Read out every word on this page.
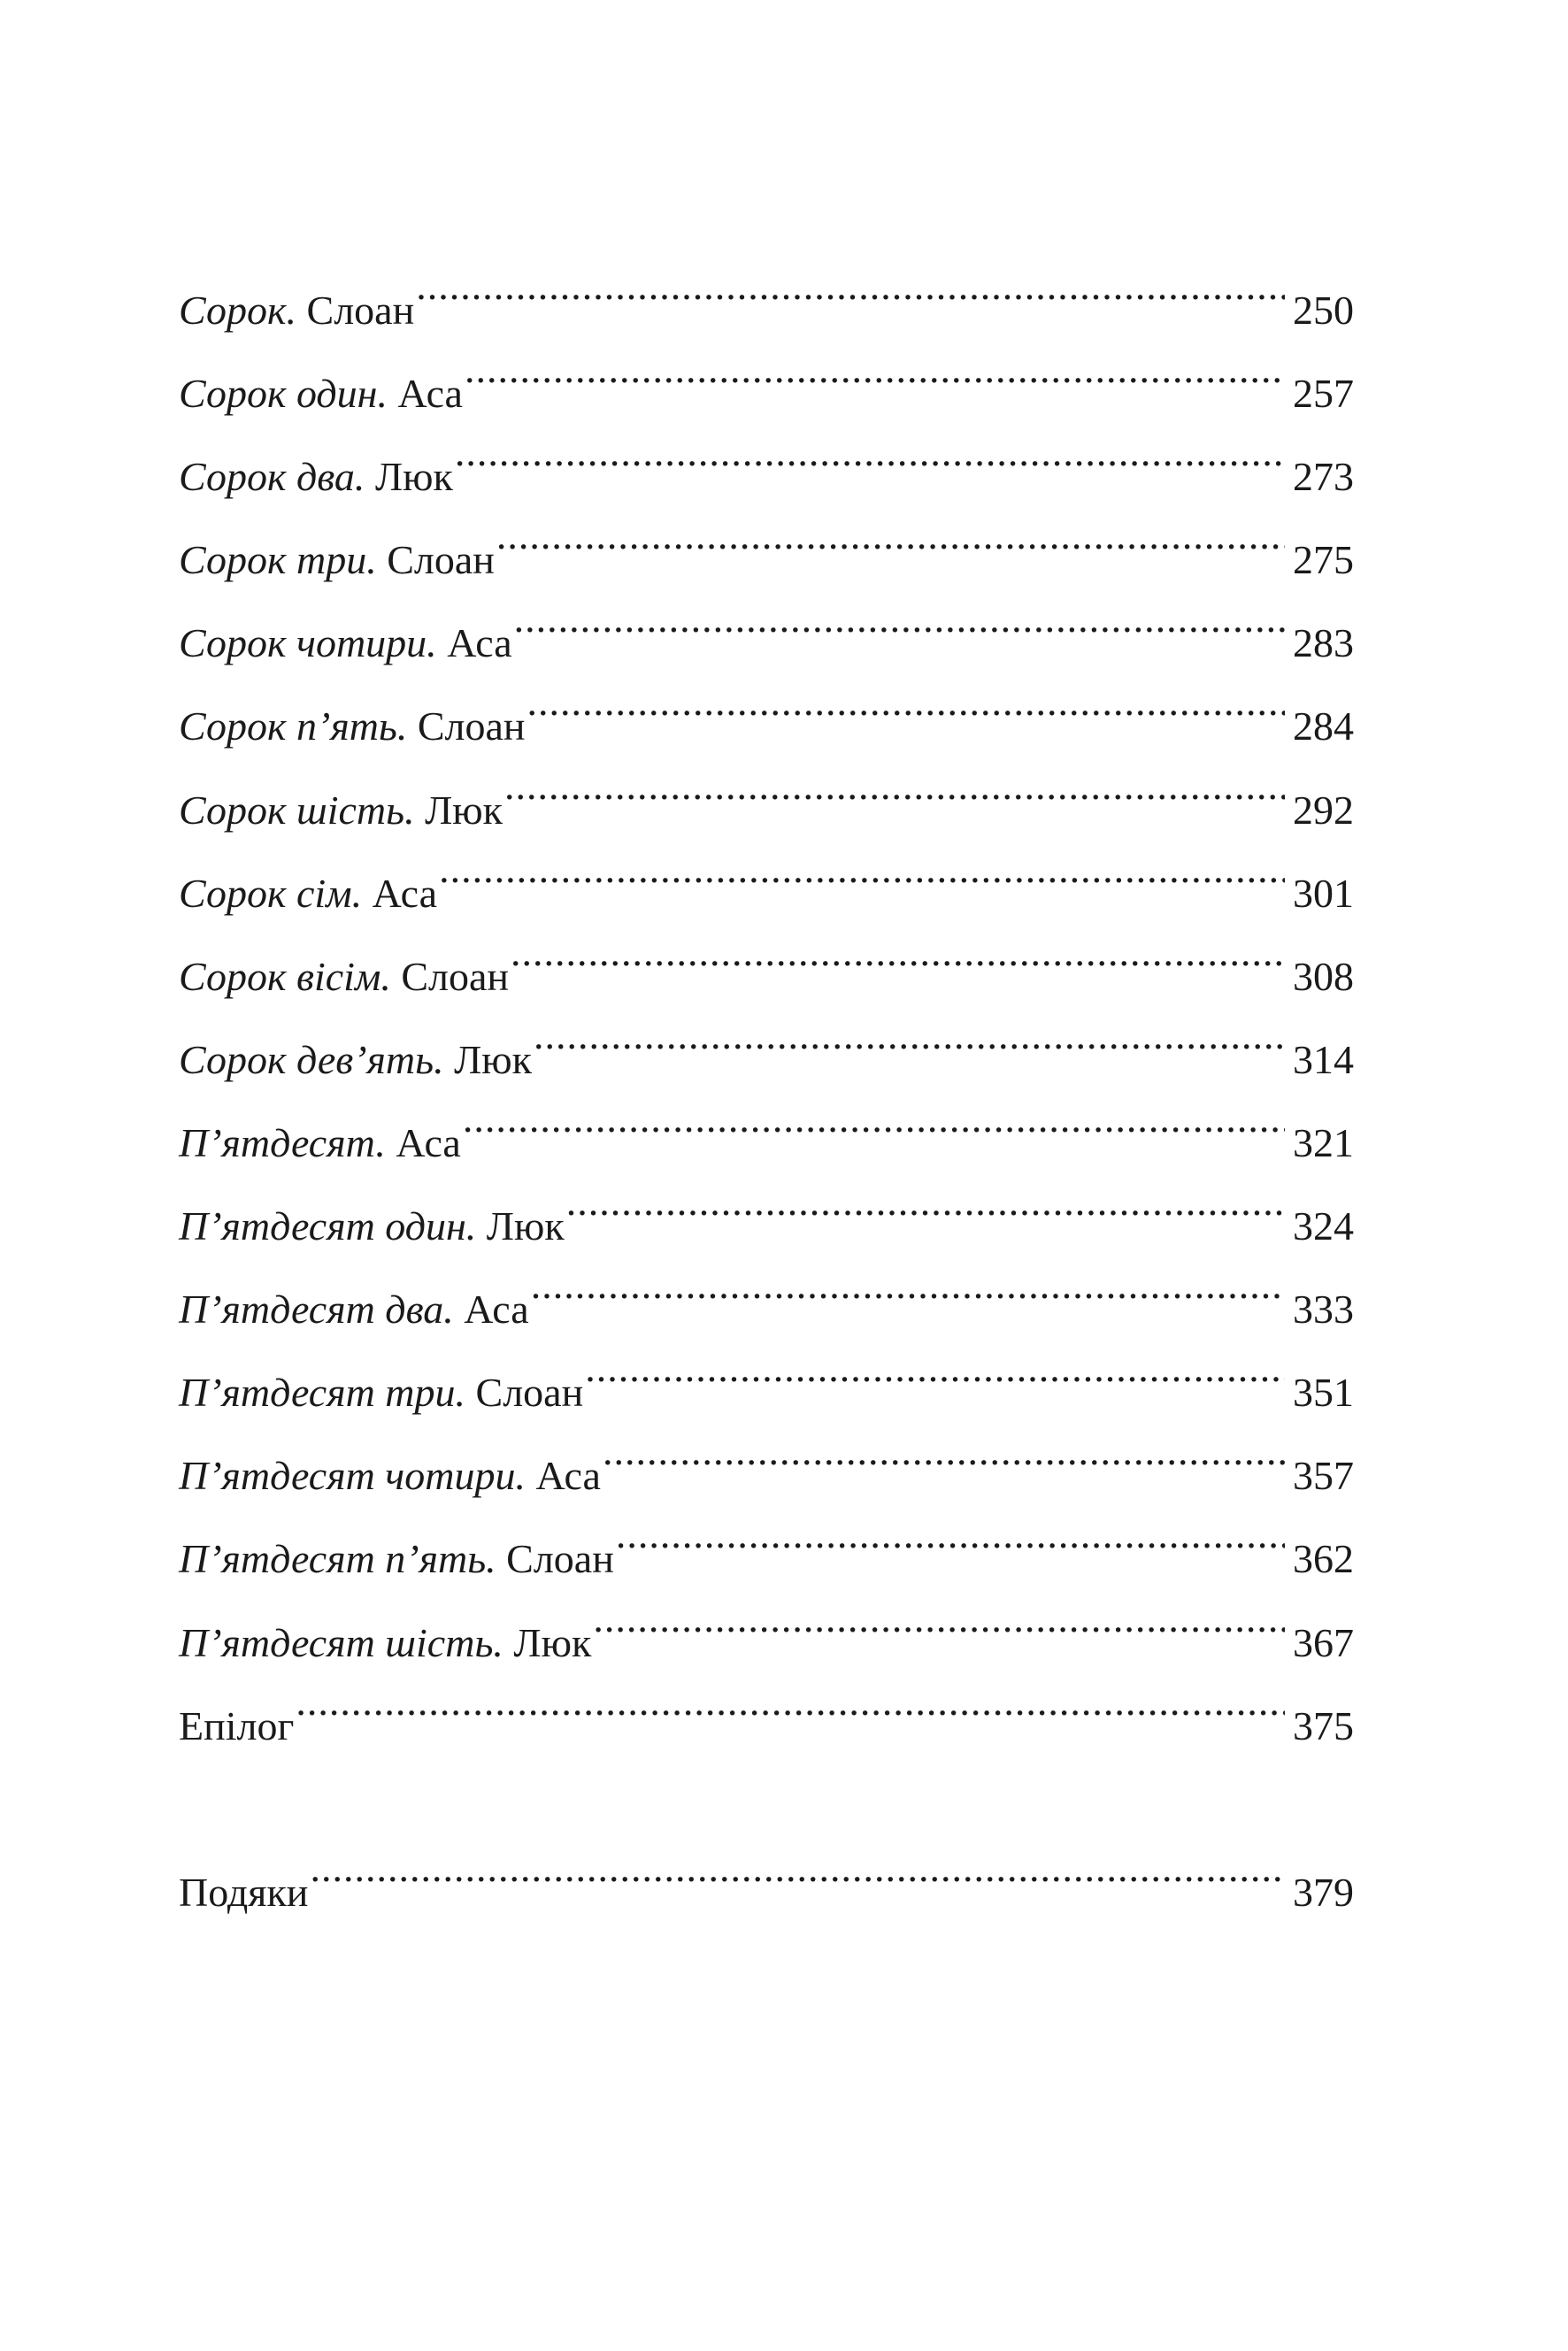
Сорок. Слоан .....	250
Сорок один. Аса .....	257
Сорок два. Люк .....	273
Сорок три. Слоан .....	275
Сорок чотири. Аса .....	283
Сорок п’ять. Слоан .....	284
Сорок шість. Люк .....	292
Сорок сім. Аса .....	301
Сорок вісім. Слоан .....	308
Сорок дев’ять. Люк .....	314
П’ятдесят. Аса .....	321
П’ятдесят один. Люк .....	324
П’ятдесят два. Аса .....	333
П’ятдесят три. Слоан .....	351
П’ятдесят чотири. Аса .....	357
П’ятдесят п’ять. Слоан .....	362
П’ятдесят шість. Люк .....	367
Епілог .....	375
Подяки .....	379
